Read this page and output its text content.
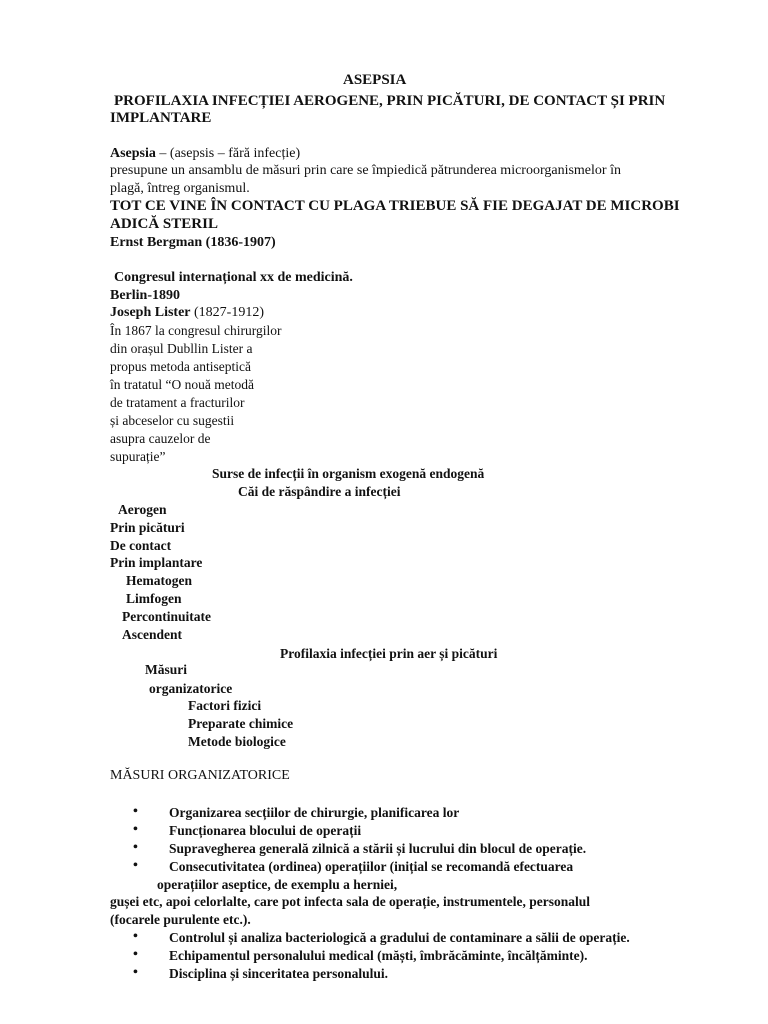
ASEPSIA
PROFILAXIA INFECȚIEI AEROGENE, PRIN PICĂTURI, DE CONTACT ȘI PRIN
IMPLANTARE
Asepsia – (asepsis – fără infecție)
presupune un ansamblu de măsuri prin care se împiedică pătrunderea microorganismelor în
plagă, întreg organismul.
TOT CE VINE ÎN CONTACT CU PLAGA TRIEBUE SĂ FIE DEGAJAT DE MICROBI
ADICĂ STERIL
Ernst Bergman (1836-1907)
Congresul internațional xx de medicină.
Berlin-1890
Joseph Lister (1827-1912)
În 1867 la congresul chirurgilor
din orașul Dubllin Lister a
propus metoda antiseptică
în tratatul “O nouă metodă
de tratament a fracturilor
și abceselor cu sugestii
asupra cauzelor de
supurație”
Surse de infecții în organism exogenă endogenă
Căi de răspândire a infecției
Aerogen
Prin picături
De contact
Prin implantare
Hematogen
Limfogen
Percontinuitate
Ascendent
Profilaxia infecției prin aer și picături
Măsuri
organizatorice
Factori fizici
Preparate chimice
Metode biologice
MĂSURI ORGANIZATORICE
• Organizarea secțiilor de chirurgie, planificarea lor
• Funcționarea blocului de operații
• Supravegherea generală zilnică a stării și lucrului din blocul de operație.
• Consecutivitatea (ordinea) operațiilor (inițial se recomandă efectuarea
operațiilor aseptice, de exemplu a herniei,
gușei etc, apoi celorlalte, care pot infecta sala de operație, instrumentele, personalul
(focarele purulente etc.).
• Controlul și analiza bacteriologică a gradului de contaminare a sălii de operație.
• Echipamentul personalului medical (măști, îmbrăcăminte, încălțăminte).
• Disciplina și sinceritatea personalului.
